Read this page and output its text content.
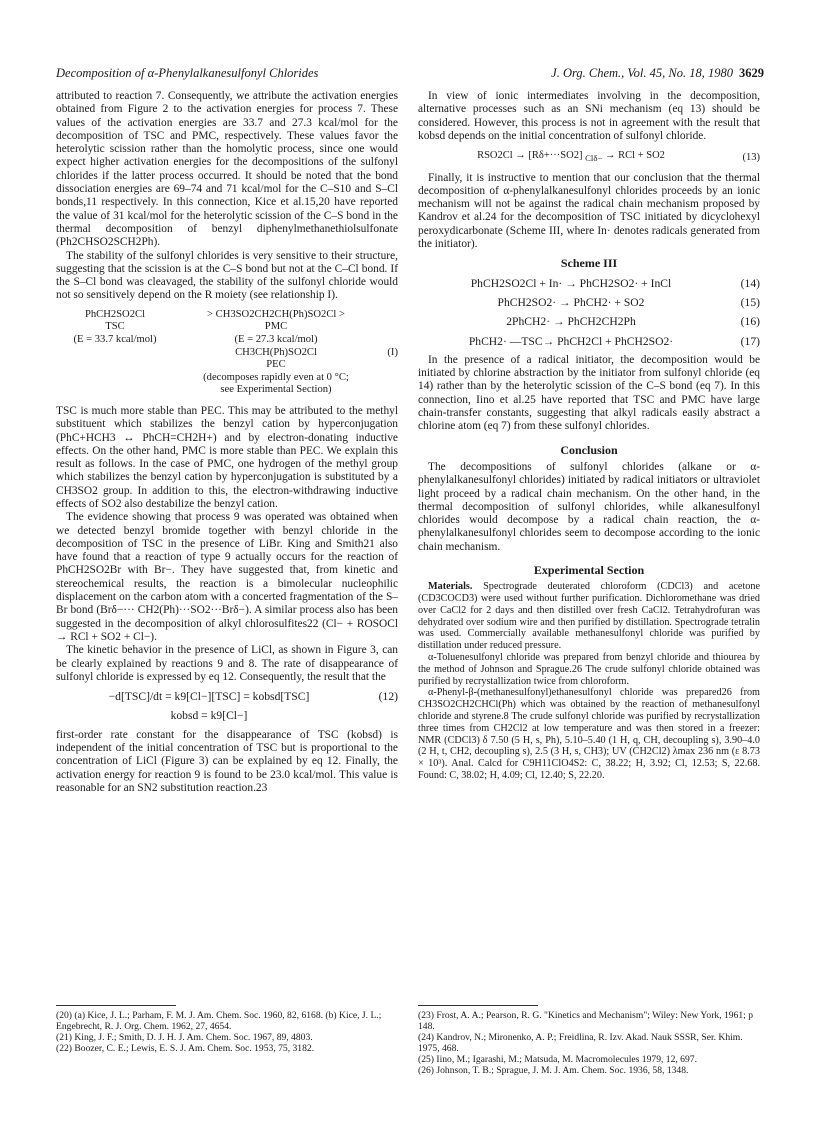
Decomposition of α-Phenylalkanesulfonyl Chlorides	J. Org. Chem., Vol. 45, No. 18, 1980 3629

attributed to reaction 7. Consequently, we attribute the activation energies obtained from Figure 2 to the activation energies for process 7. These values of the activation energies are 33.7 and 27.3 kcal/mol for the decomposition of TSC and PMC, respectively. These values favor the heterolytic scission rather than the homolytic process, since one would expect higher activation energies for the decompositions of the sulfonyl chlorides if the latter process occurred. It should be noted that the bond dissociation energies are 69–74 and 71 kcal/mol for the C–S10 and S–Cl bonds,11 respectively. In this connection, Kice et al.15,20 have reported the value of 31 kcal/mol for the heterolytic scission of the C–S bond in the thermal decomposition of benzyl diphenylmethanethiolsulfonate (Ph2CHSO2SCH2Ph).

The stability of the sulfonyl chlorides is very sensitive to their structure, suggesting that the scission is at the C–S bond but not at the C–Cl bond. If the S–Cl bond was cleavaged, the stability of the sulfonyl chloride would not so sensitively depend on the R moiety (see relationship I).

PhCH2SO2Cl	> CH3SO2CH2CH(Ph)SO2Cl >
TSC	PMC
(E = 33.7 kcal/mol)	(E = 27.3 kcal/mol)
CH3CH(Ph)SO2Cl	(I)
PEC
(decomposes rapidly even at 0 °C;
see Experimental Section)

TSC is much more stable than PEC. This may be attributed to the methyl substituent which stabilizes the benzyl cation by hyperconjugation (PhC+HCH3 ↔ PhCH=CH2H+) and by electron-donating inductive effects. On the other hand, PMC is more stable than PEC. We explain this result as follows. In the case of PMC, one hydrogen of the methyl group which stabilizes the benzyl cation by hyperconjugation is substituted by a CH3SO2 group. In addition to this, the electron-withdrawing inductive effects of SO2 also destabilize the benzyl cation.

The evidence showing that process 9 was operated was obtained when we detected benzyl bromide together with benzyl chloride in the decomposition of TSC in the presence of LiBr. King and Smith21 also have found that a reaction of type 9 actually occurs for the reaction of PhCH2SO2Br with Br−. They have suggested that, from kinetic and stereochemical results, the reaction is a bimolecular nucleophilic displacement on the carbon atom with a concerted fragmentation of the S–Br bond (Brδ−··· CH2(Ph)···SO2···Brδ−). A similar process also has been suggested in the decomposition of alkyl chlorosulfites22 (Cl− + ROSOCl → RCl + SO2 + Cl−).

The kinetic behavior in the presence of LiCl, as shown in Figure 3, can be clearly explained by reactions 9 and 8. The rate of disappearance of sulfonyl chloride is expressed by eq 12. Consequently, the result that the

−d[TSC]/dt = k9[Cl−][TSC] = kobsd[TSC]	(12)
kobsd = k9[Cl−]

first-order rate constant for the disappearance of TSC (kobsd) is independent of the initial concentration of TSC but is proportional to the concentration of LiCl (Figure 3) can be explained by eq 12. Finally, the activation energy for reaction 9 is found to be 23.0 kcal/mol. This value is reasonable for an SN2 substitution reaction.23

In view of ionic intermediates involving in the decomposition, alternative processes such as an SNi mechanism (eq 13) should be considered. However, this process is not in agreement with the result that kobsd depends on the initial concentration of sulfonyl chloride.

RSO2Cl → [Rδ+···SO2] $_{Cl\delta-}$ → RCl + SO2	(13)

Finally, it is instructive to mention that our conclusion that the thermal decomposition of α-phenylalkanesulfonyl chlorides proceeds by an ionic mechanism will not be against the radical chain mechanism proposed by Kandrov et al.24 for the decomposition of TSC initiated by dicyclohexyl peroxydicarbonate (Scheme III, where In· denotes radicals generated from the initiator).

Scheme III
PhCH2SO2Cl + In· → PhCH2SO2· + InCl	(14)
PhCH2SO2· → PhCH2· + SO2	(15)
2PhCH2· → PhCH2CH2Ph	(16)
PhCH2· —TSC→ PhCH2Cl + PhCH2SO2·	(17)

In the presence of a radical initiator, the decomposition would be initiated by chlorine abstraction by the initiator from sulfonyl chloride (eq 14) rather than by the heterolytic scission of the C–S bond (eq 7). In this connection, Iino et al.25 have reported that TSC and PMC have large chain-transfer constants, suggesting that alkyl radicals easily abstract a chlorine atom (eq 7) from these sulfonyl chlorides.

Conclusion

The decompositions of sulfonyl chlorides (alkane or α-phenylalkanesulfonyl chlorides) initiated by radical initiators or ultraviolet light proceed by a radical chain mechanism. On the other hand, in the thermal decomposition of sulfonyl chlorides, while alkanesulfonyl chlorides would decompose by a radical chain reaction, the α-phenylalkanesulfonyl chlorides seem to decompose according to the ionic chain mechanism.

Experimental Section

Materials. Spectrograde deuterated chloroform (CDCl3) and acetone (CD3COCD3) were used without further purification. Dichloromethane was dried over CaCl2 for 2 days and then distilled over fresh CaCl2. Tetrahydrofuran was dehydrated over sodium wire and then purified by distillation. Spectrograde tetralin was used. Commercially available methanesulfonyl chloride was purified by distillation under reduced pressure.

α-Toluenesulfonyl chloride was prepared from benzyl chloride and thiourea by the method of Johnson and Sprague.26 The crude sulfonyl chloride obtained was purified by recrystallization twice from chloroform.

α-Phenyl-β-(methanesulfonyl)ethanesulfonyl chloride was prepared26 from CH3SO2CH2CHCl(Ph) which was obtained by the reaction of methanesulfonyl chloride and styrene.8 The crude sulfonyl chloride was purified by recrystallization three times from CH2Cl2 at low temperature and was then stored in a freezer: NMR (CDCl3) δ 7.50 (5 H, s, Ph), 5.10–5.40 (1 H, q, CH, decoupling s), 3.90–4.0 (2 H, t, CH2, decoupling s), 2.5 (3 H, s, CH3); UV (CH2Cl2) λmax 236 nm (ε 8.73 × 10³). Anal. Calcd for C9H11ClO4S2: C, 38.22; H, 3.92; Cl, 12.53; S, 22.68. Found: C, 38.02; H, 4.09; Cl, 12.40; S, 22.20.

(20) (a) Kice, J. L.; Parham, F. M. J. Am. Chem. Soc. 1960, 82, 6168. (b) Kice, J. L.; Engebrecht, R. J. Org. Chem. 1962, 27, 4654.
(21) King, J. F.; Smith, D. J. H. J. Am. Chem. Soc. 1967, 89, 4803.
(22) Boozer, C. E.; Lewis, E. S. J. Am. Chem. Soc. 1953, 75, 3182.
(23) Frost, A. A.; Pearson, R. G. "Kinetics and Mechanism"; Wiley: New York, 1961; p 148.
(24) Kandrov, N.; Mironenko, A. P.; Freidlina, R. Izv. Akad. Nauk SSSR, Ser. Khim. 1975, 468.
(25) Iino, M.; Igarashi, M.; Matsuda, M. Macromolecules 1979, 12, 697.
(26) Johnson, T. B.; Sprague, J. M. J. Am. Chem. Soc. 1936, 58, 1348.
